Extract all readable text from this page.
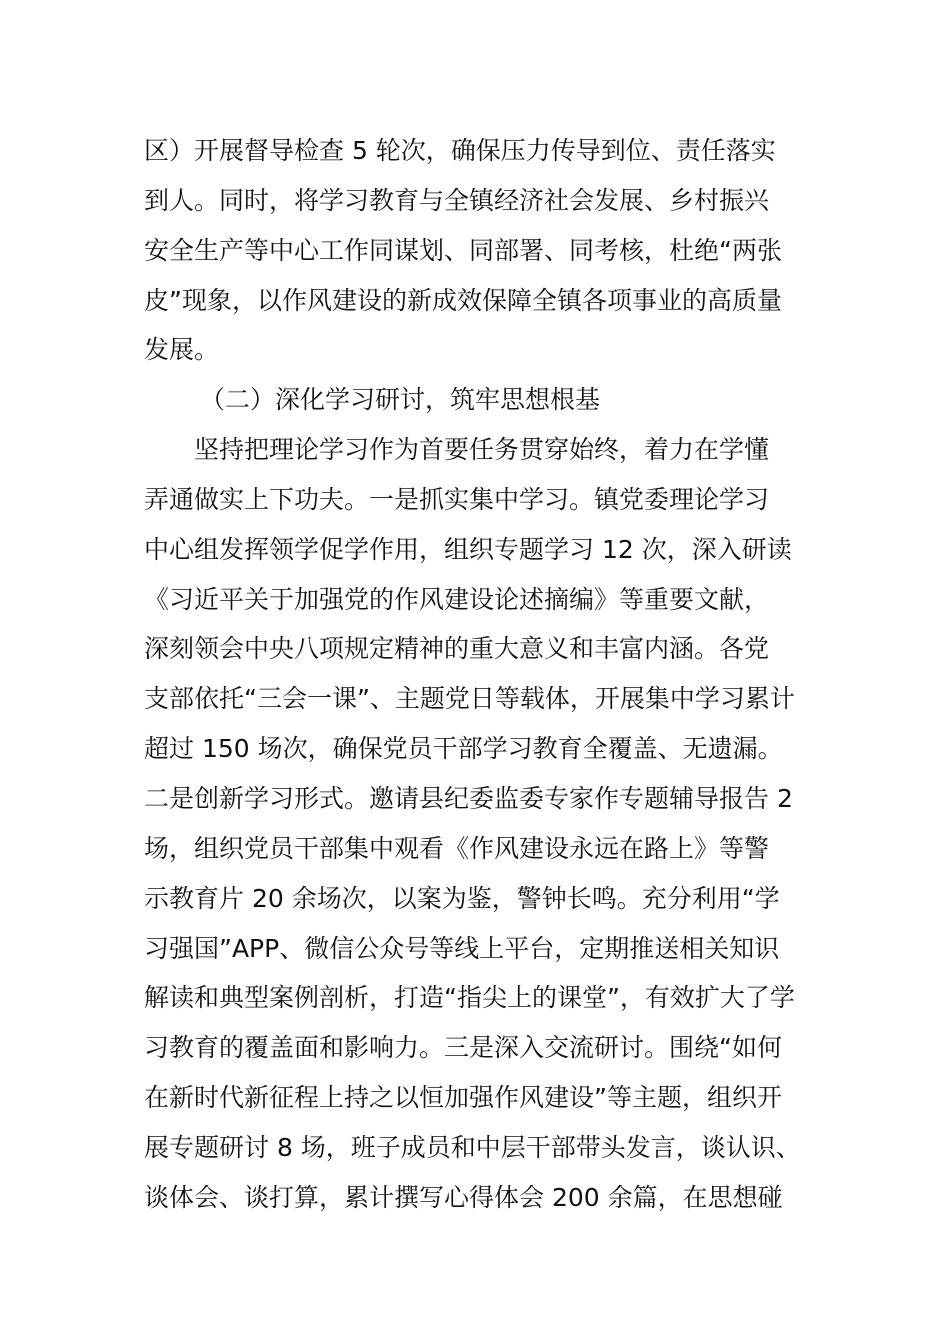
区）开展督导检查 5 轮次，确保压力传导到位、责任落实
到人。同时，将学习教育与全镇经济社会发展、乡村振兴
安全生产等中心工作同谋划、同部署、同考核，杜绝“两张
皮”现象，以作风建设的新成效保障全镇各项事业的高质量
发展。
（二）深化学习研讨，筑牢思想根基
坚持把理论学习作为首要任务贯穿始终，着力在学懂
弄通做实上下功夫。一是抓实集中学习。镇党委理论学习
中心组发挥领学促学作用，组织专题学习 12 次，深入研读
《习近平关于加强党的作风建设论述摘编》等重要文献，
深刻领会中央八项规定精神的重大意义和丰富内涵。各党
支部依托“三会一课”、主题党日等载体，开展集中学习累计
超过 150 场次，确保党员干部学习教育全覆盖、无遗漏。
二是创新学习形式。邀请县纪委监委专家作专题辅导报告 2
场，组织党员干部集中观看《作风建设永远在路上》等警
示教育片 20 余场次，以案为鉴，警钟长鸣。充分利用“学
习强国”APP、微信公众号等线上平台，定期推送相关知识
解读和典型案例剖析，打造“指尖上的课堂”，有效扩大了学
习教育的覆盖面和影响力。三是深入交流研讨。围绕“如何
在新时代新征程上持之以恒加强作风建设”等主题，组织开
展专题研讨 8 场，班子成员和中层干部带头发言，谈认识、
谈体会、谈打算，累计撰写心得体会 200 余篇，在思想碰
